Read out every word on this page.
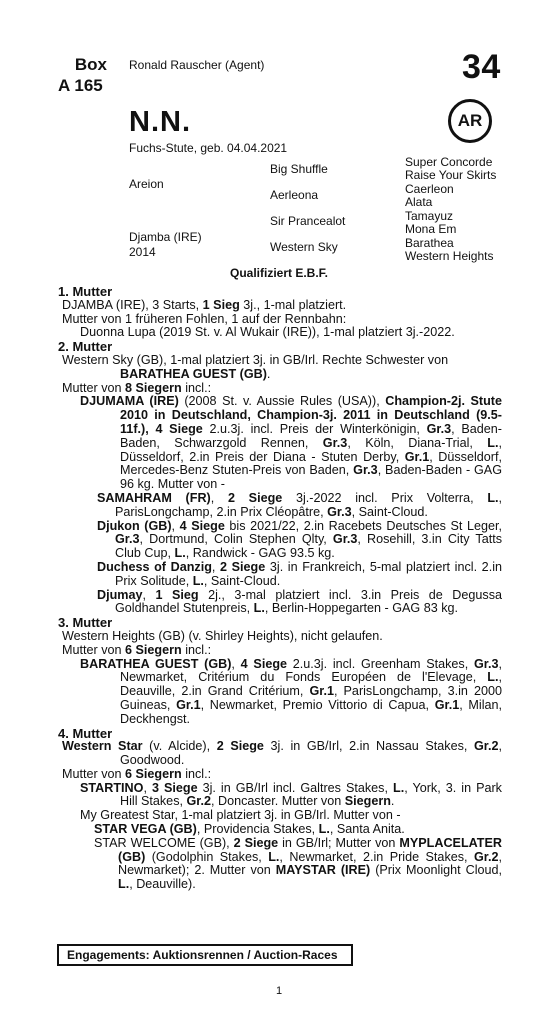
Box
A 165
Ronald Rauscher (Agent)	34
AR
N.N.
Fuchs-Stute, geb. 04.04.2021
Areion
Djamba (IRE)
2014
Big Shuffle
Aerleona
Sir Prancealot
Western Sky
Super Concorde
Raise Your Skirts
Caerleon
Alata
Tamayuz
Mona Em
Barathea
Western Heights
Qualifiziert E.B.F.

1. Mutter

DJAMBA (IRE), 3 Starts, 1 Sieg 3j., 1-mal platziert.

Mutter von 1 früheren Fohlen, 1 auf der Rennbahn:

Duonna Lupa (2019 St. v. Al Wukair (IRE)), 1-mal platziert 3j.-2022.

2. Mutter

Western Sky (GB), 1-mal platziert 3j. in GB/Irl. Rechte Schwester von
BARATHEA GUEST (GB).

Mutter von 8 Siegern incl.:

DJUMAMA (IRE) (2008 St. v. Aussie Rules (USA)), Champion-2j. Stute 2010 in Deutschland, Champion-3j. 2011 in Deutschland (9.5-11f.), 4 Siege 2.u.3j. incl. Preis der Winterkönigin, Gr.3, Baden-Baden, Schwarzgold Rennen, Gr.3, Köln, Diana-Trial, L., Düsseldorf, 2.in Preis der Diana - Stuten Derby, Gr.1, Düsseldorf, Mercedes-Benz Stuten-Preis von Baden, Gr.3, Baden-Baden - GAG 96 kg. Mutter von -

SAMAHRAM (FR), 2 Siege 3j.-2022 incl. Prix Volterra, L., ParisLongchamp, 2.in Prix Cléopâtre, Gr.3, Saint-Cloud.

Djukon (GB), 4 Siege bis 2021/22, 2.in Racebets Deutsches St Leger, Gr.3, Dortmund, Colin Stephen Qlty, Gr.3, Rosehill, 3.in City Tatts Club Cup, L., Randwick - GAG 93.5 kg.

Duchess of Danzig, 2 Siege 3j. in Frankreich, 5-mal platziert incl. 2.in Prix Solitude, L., Saint-Cloud.

Djumay, 1 Sieg 2j., 3-mal platziert incl. 3.in Preis de Degussa Goldhandel Stutenpreis, L., Berlin-Hoppegarten - GAG 83 kg.

3. Mutter

Western Heights (GB) (v. Shirley Heights), nicht gelaufen.

Mutter von 6 Siegern incl.:

BARATHEA GUEST (GB), 4 Siege 2.u.3j. incl. Greenham Stakes, Gr.3, Newmarket, Critérium du Fonds Européen de l'Elevage, L., Deauville, 2.in Grand Critérium, Gr.1, ParisLongchamp, 3.in 2000 Guineas, Gr.1, Newmarket, Premio Vittorio di Capua, Gr.1, Milan, Deckhengst.

4. Mutter

Western Star (v. Alcide), 2 Siege 3j. in GB/Irl, 2.in Nassau Stakes, Gr.2, Goodwood.

Mutter von 6 Siegern incl.:

STARTINO, 3 Siege 3j. in GB/Irl incl. Galtres Stakes, L., York, 3. in Park Hill Stakes, Gr.2, Doncaster. Mutter von Siegern.

My Greatest Star, 1-mal platziert 3j. in GB/Irl. Mutter von -

STAR VEGA (GB), Providencia Stakes, L., Santa Anita.

STAR WELCOME (GB), 2 Siege in GB/Irl; Mutter von MYPLACELATER (GB) (Godolphin Stakes, L., Newmarket, 2.in Pride Stakes, Gr.2, Newmarket); 2. Mutter von MAYSTAR (IRE) (Prix Moonlight Cloud, L., Deauville).

Engagements: Auktionsrennen / Auction-Races
1
